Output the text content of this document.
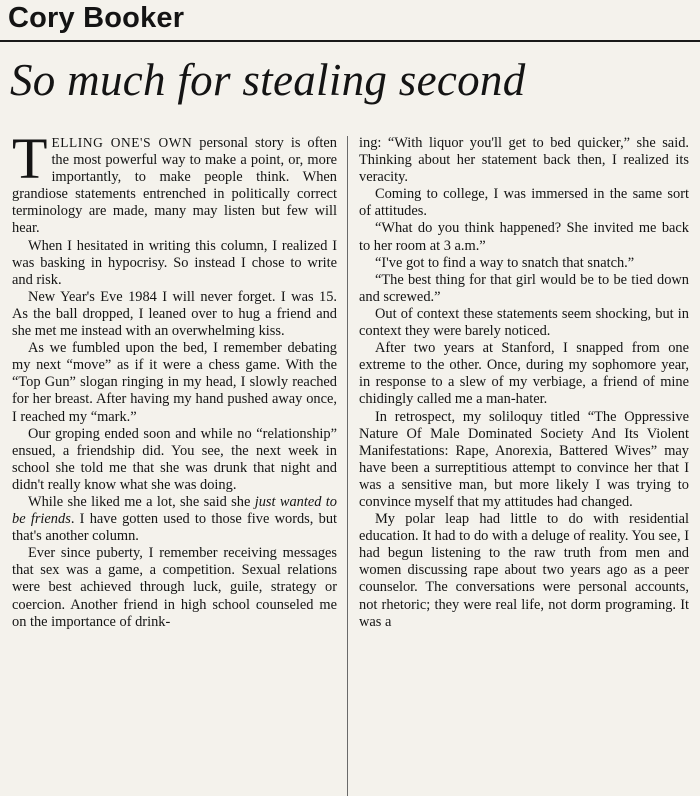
Cory Booker
So much for stealing second

TELLING ONE'S OWN personal story is often the most powerful way to make a point, or, more importantly, to make people think. When grandiose statements entrenched in politically correct terminology are made, many may listen but few will hear.

When I hesitated in writing this column, I realized I was basking in hypocrisy. So instead I chose to write and risk.

New Year's Eve 1984 I will never forget. I was 15. As the ball dropped, I leaned over to hug a friend and she met me instead with an overwhelming kiss.

As we fumbled upon the bed, I remember debating my next “move” as if it were a chess game. With the “Top Gun” slogan ringing in my head, I slowly reached for her breast. After having my hand pushed away once, I reached my “mark.”

Our groping ended soon and while no “relationship” ensued, a friendship did. You see, the next week in school she told me that she was drunk that night and didn't really know what she was doing.

While she liked me a lot, she said she just wanted to be friends. I have gotten used to those five words, but that's another column.

Ever since puberty, I remember receiving messages that sex was a game, a competition. Sexual relations were best achieved through luck, guile, strategy or coercion. Another friend in high school counseled me on the importance of drink-

ing: “With liquor you'll get to bed quicker,” she said. Thinking about her statement back then, I realized its veracity.

Coming to college, I was immersed in the same sort of attitudes.

“What do you think happened? She invited me back to her room at 3 a.m.”

“I've got to find a way to snatch that snatch.”

“The best thing for that girl would be to be tied down and screwed.”

Out of context these statements seem shocking, but in context they were barely noticed.

After two years at Stanford, I snapped from one extreme to the other. Once, during my sophomore year, in response to a slew of my verbiage, a friend of mine chidingly called me a man-hater.

In retrospect, my soliloquy titled “The Oppressive Nature Of Male Dominated Society And Its Violent Manifestations: Rape, Anorexia, Battered Wives” may have been a surreptitious attempt to convince her that I was a sensitive man, but more likely I was trying to convince myself that my attitudes had changed.

My polar leap had little to do with residential education. It had to do with a deluge of reality. You see, I had begun listening to the raw truth from men and women discussing rape about two years ago as a peer counselor. The conversations were personal accounts, not rhetoric; they were real life, not dorm programing. It was a
